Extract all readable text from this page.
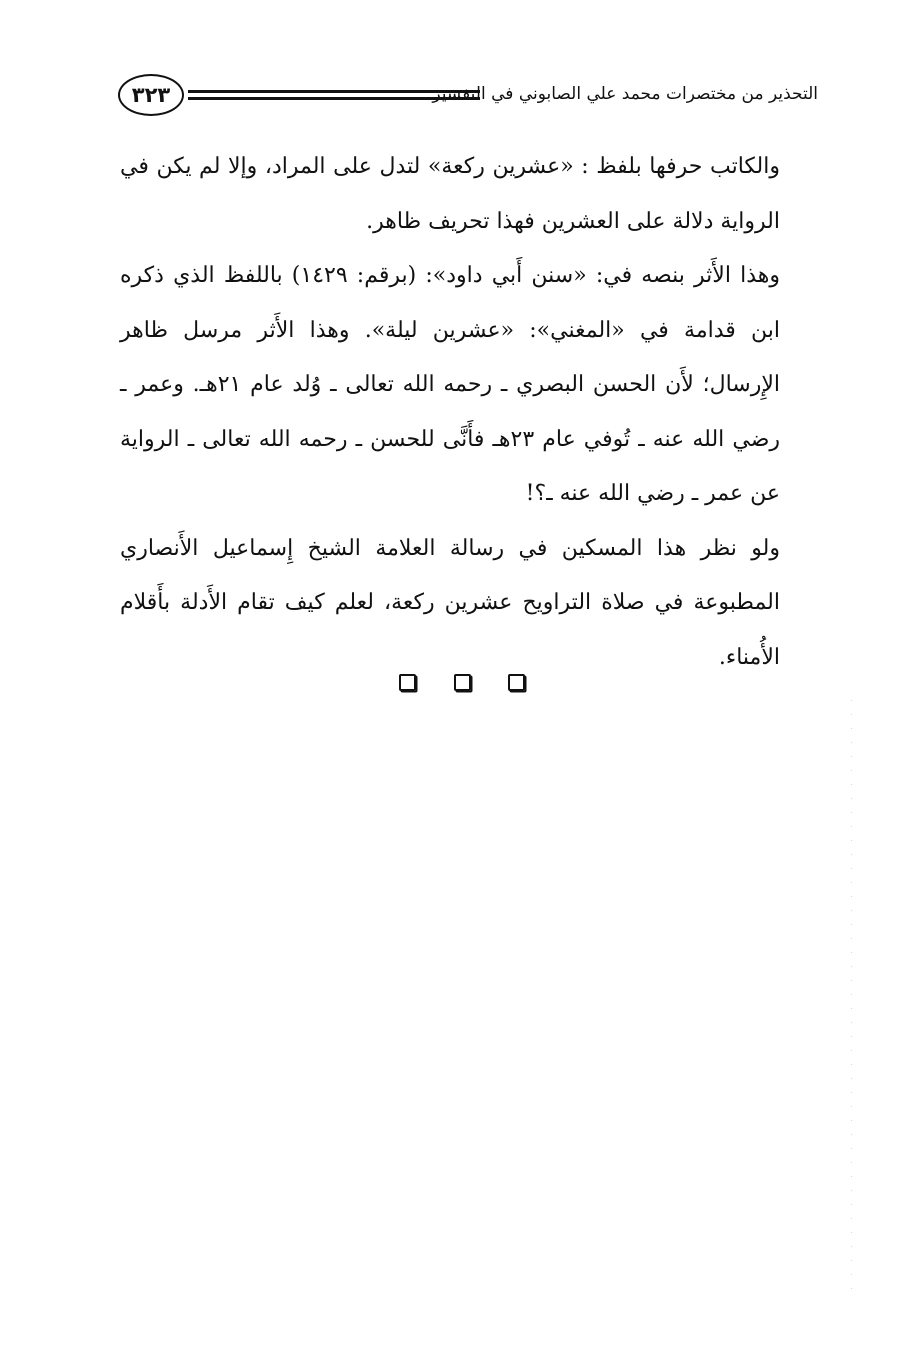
التحذير من مختصرات محمد علي الصابوني في التفسير
٣٢٣

والكاتب حرفها بلفظ : «عشرين ركعة» لتدل على المراد، وإلا لم يكن في الرواية دلالة على العشرين فهذا تحريف ظاهر.

وهذا الأَثر بنصه في: «سنن أَبي داود»: (برقم: ١٤٢٩) باللفظ الذي ذكره ابن قدامة في «المغني»: «عشرين ليلة». وهذا الأَثر مرسل ظاهر الإِرسال؛ لأَن الحسن البصري ـ رحمه الله تعالى ـ وُلد عام ٢١هـ. وعمر ـ رضي الله عنه ـ تُوفي عام ٢٣هـ فأَنَّى للحسن ـ رحمه الله تعالى ـ الرواية عن عمر ـ رضي الله عنه ـ؟!

ولو نظر هذا المسكين في رسالة العلامة الشيخ إِسماعيل الأَنصاري المطبوعة في صلاة التراويح عشرين ركعة، لعلم كيف تقام الأَدلة بأَقلام الأُمناء.
